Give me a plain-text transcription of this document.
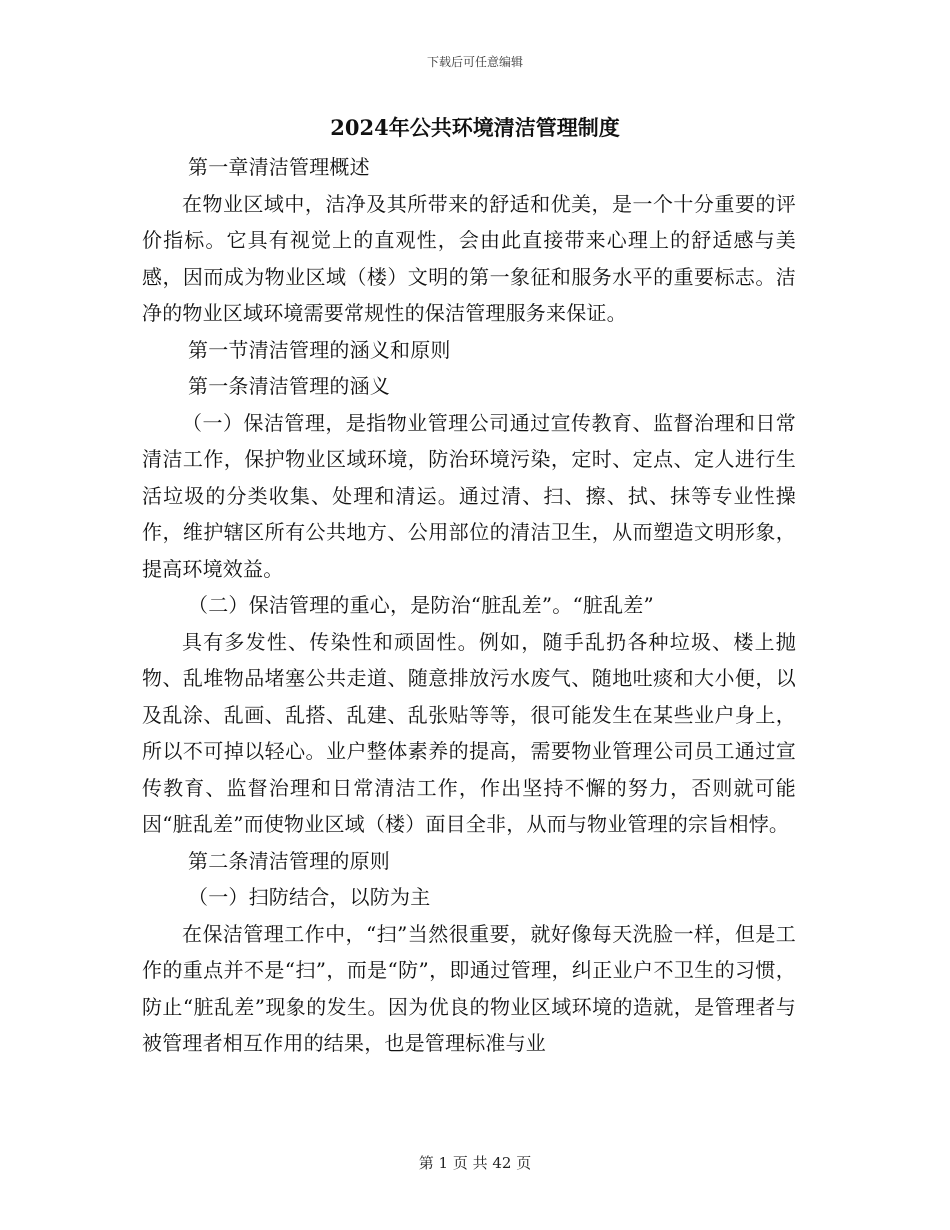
下载后可任意编辑
2024年公共环境清洁管理制度

第一章清洁管理概述

在物业区域中，洁净及其所带来的舒适和优美，是一个十分重要的评价指标。它具有视觉上的直观性，会由此直接带来心理上的舒适感与美感，因而成为物业区域（楼）文明的第一象征和服务水平的重要标志。洁净的物业区域环境需要常规性的保洁管理服务来保证。

第一节清洁管理的涵义和原则

第一条清洁管理的涵义

（一）保洁管理，是指物业管理公司通过宣传教育、监督治理和日常清洁工作，保护物业区域环境，防治环境污染，定时、定点、定人进行生活垃圾的分类收集、处理和清运。通过清、扫、擦、拭、抹等专业性操作，维护辖区所有公共地方、公用部位的清洁卫生，从而塑造文明形象，提高环境效益。

（二）保洁管理的重心，是防治“脏乱差”。“脏乱差”

具有多发性、传染性和顽固性。例如，随手乱扔各种垃圾、楼上抛物、乱堆物品堵塞公共走道、随意排放污水废气、随地吐痰和大小便，以及乱涂、乱画、乱搭、乱建、乱张贴等等，很可能发生在某些业户身上，所以不可掉以轻心。业户整体素养的提高，需要物业管理公司员工通过宣传教育、监督治理和日常清洁工作，作出坚持不懈的努力，否则就可能因“脏乱差”而使物业区域（楼）面目全非，从而与物业管理的宗旨相悖。

第二条清洁管理的原则

（一）扫防结合，以防为主

在保洁管理工作中，“扫”当然很重要，就好像每天洗脸一样，但是工作的重点并不是“扫”，而是“防”，即通过管理，纠正业户不卫生的习惯，防止“脏乱差”现象的发生。因为优良的物业区域环境的造就，是管理者与被管理者相互作用的结果，也是管理标准与业

第 1 页 共 42 页
